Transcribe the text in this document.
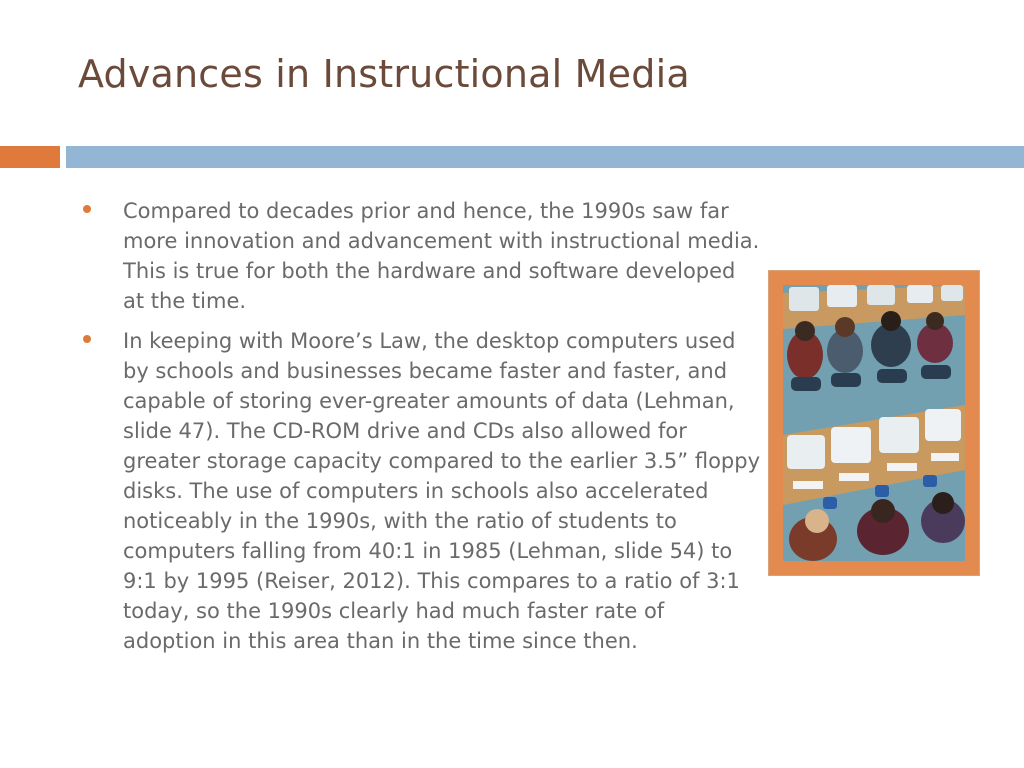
Advances in Instructional Media
Compared to decades prior and hence, the 1990s saw far more innovation and advancement with instructional media. This is true for both the hardware and software developed at the time.
In keeping with Moore’s Law, the desktop computers used by schools and businesses became faster and faster, and capable of storing ever-greater amounts of data (Lehman, slide 47). The CD-ROM drive and CDs also allowed for greater storage capacity compared to the earlier 3.5” floppy disks. The use of computers in schools also accelerated noticeably in the 1990s, with the ratio of students to computers falling from 40:1 in 1985 (Lehman, slide 54) to 9:1 by 1995 (Reiser, 2012). This compares to a ratio of 3:1 today, so the 1990s clearly had much faster rate of adoption in this area than in the time since then.
